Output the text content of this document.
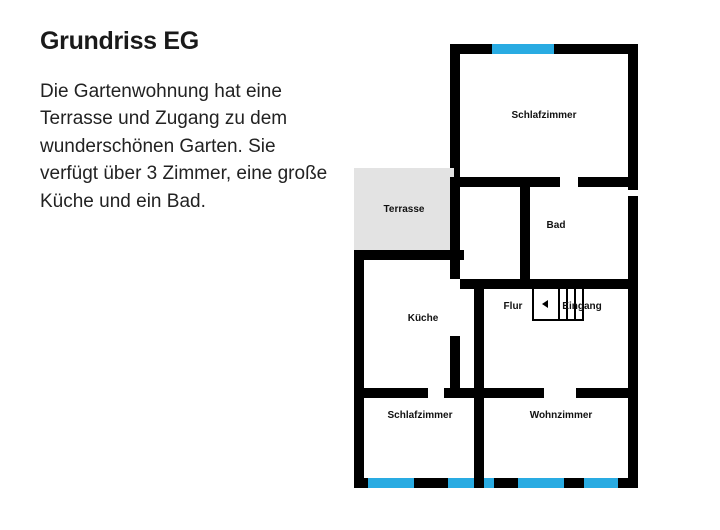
Grundriss EG

Die Gartenwohnung hat eine Terrasse und Zugang zu dem wunderschönen Garten. Sie verfügt über 3 Zimmer, eine große Küche und ein Bad.	Terrasse
Schlafzimmer
Bad
Küche
Flur	Eingang
Schlafzimmer	Wohnzimmer
